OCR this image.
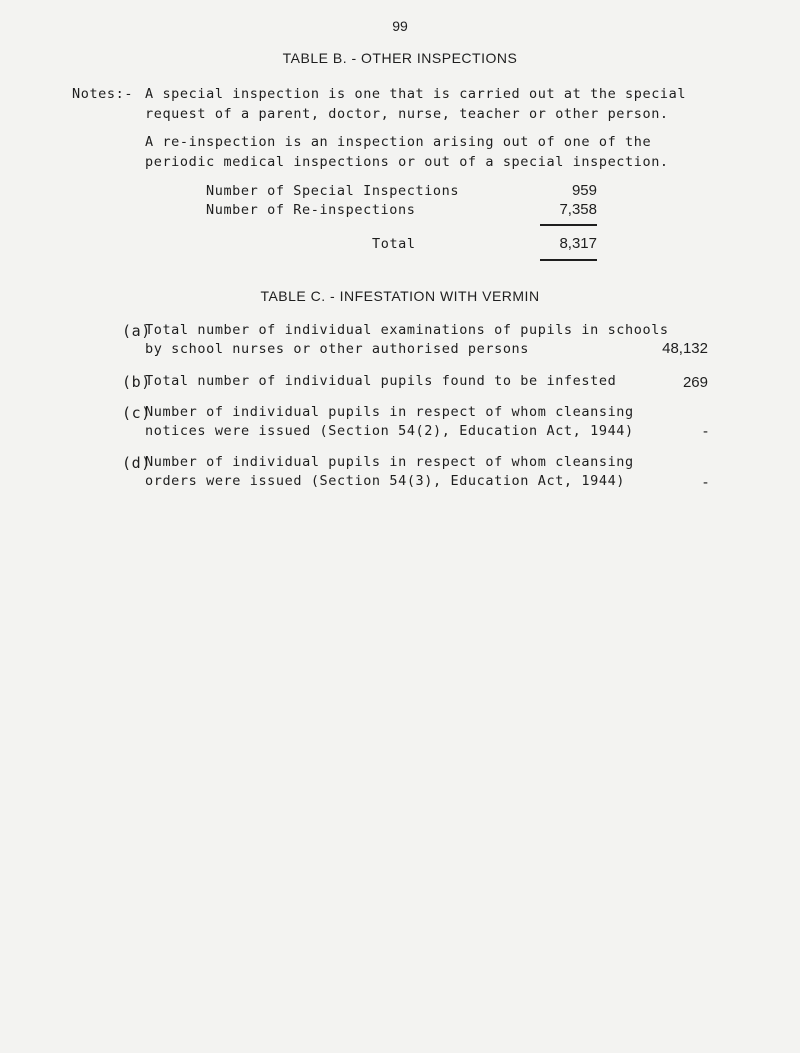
99
TABLE B. - OTHER INSPECTIONS
Notes:- A special inspection is one that is carried out at the special
request of a parent, doctor, nurse, teacher or other person.
A re-inspection is an inspection arising out of one of the
periodic medical inspections or out of a special inspection.
Number of Special Inspections	959
Number of Re-inspections	7,358
Total	8,317
TABLE C. - INFESTATION WITH VERMIN
(a)
Total number of individual examinations of pupils in schools
by school nurses or other authorised persons	48,132
(b)
Total number of individual pupils found to be infested	269
(c)
Number of individual pupils in respect of whom cleansing
notices were issued (Section 54(2), Education Act, 1944)	-
(d)
Number of individual pupils in respect of whom cleansing
orders were issued (Section 54(3), Education Act, 1944)	-
